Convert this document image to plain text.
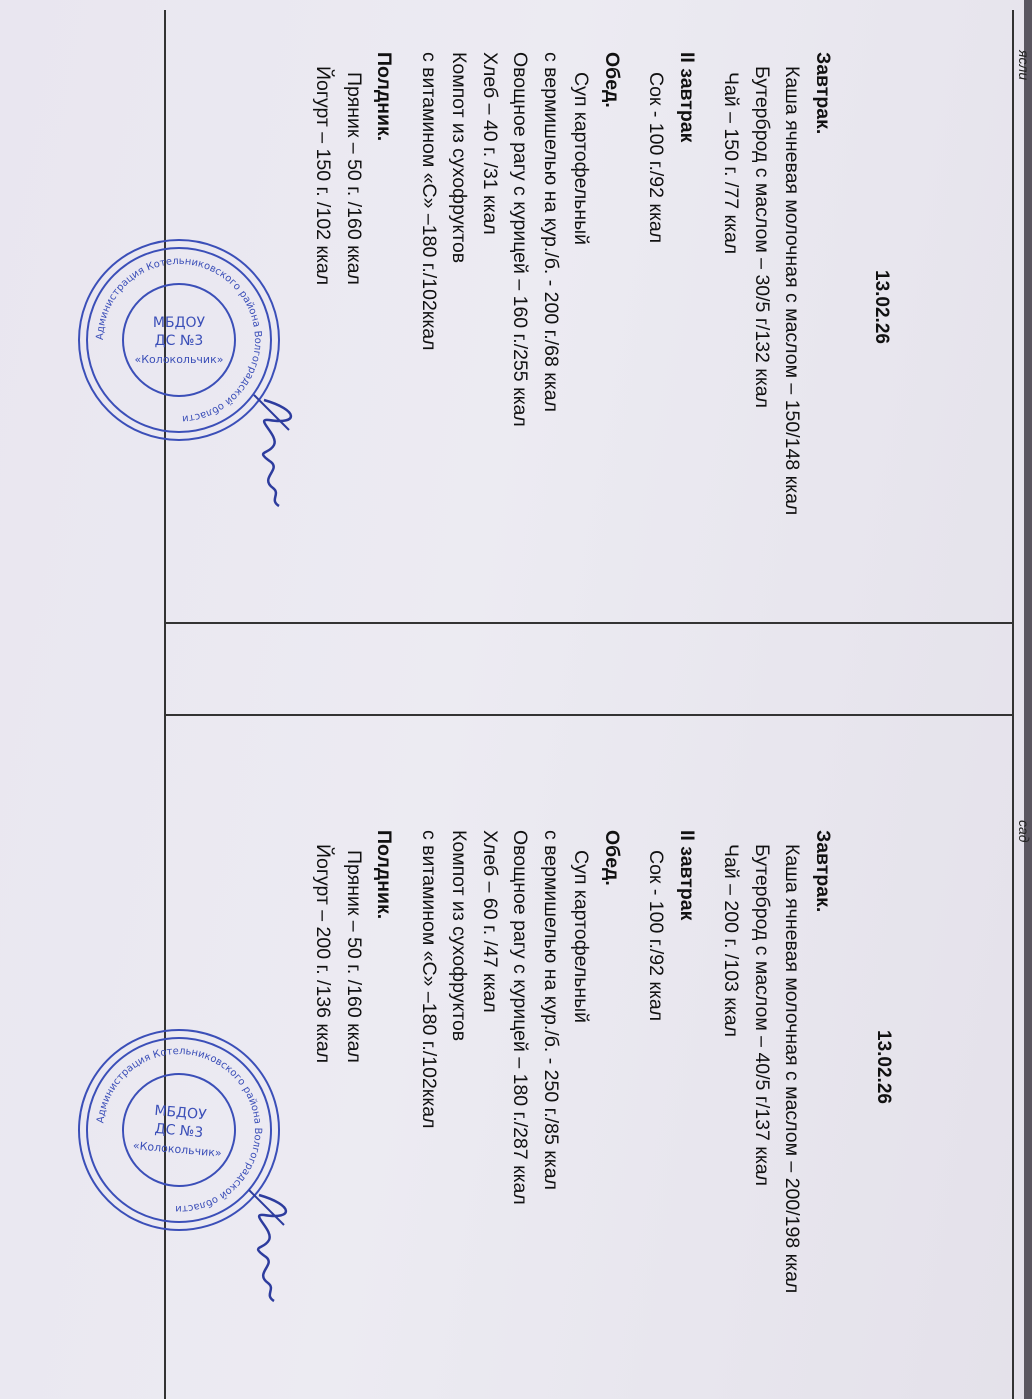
ясли
13.02.26
Завтрак.
Каша ячневая молочная с маслом – 150/148 ккал
Бутерброд с маслом – 30/5 г/132 ккал
Чай – 150 г. /77 ккал
II завтрак
Сок - 100 г./92 ккал
Обед.
Суп картофельный
с вермишелью на кур./б. - 200 г./68 ккал
Овощное рагу с курицей – 160 г./255 ккал
Хлеб – 40 г. /31 ккал
Компот из сухофруктов
с витамином «С» –180 г./102ккал
Полдник.
Пряник – 50 г. /160 ккал
Йогурт – 150 г. /102 ккал
Администрация Котельниковского района Волгоградской области
МБДОУ
ДС №3
«Колокольчик»
сад
13.02.26
Завтрак.
Каша ячневая молочная с маслом – 200/198 ккал
Бутерброд с маслом – 40/5 г/137 ккал
Чай – 200 г. /103 ккал
II завтрак
Сок - 100 г./92 ккал
Обед.
Суп картофельный
с вермишелью на кур./б. - 250 г./85 ккал
Овощное рагу с курицей – 180 г./287 ккал
Хлеб – 60 г. /47 ккал
Компот из сухофруктов
с витамином «С» –180 г./102ккал
Полдник.
Пряник – 50 г. /160 ккал
Йогурт – 200 г. /136 ккал
Администрация Котельниковского района Волгоградской области
МБДОУ
ДС №3
«Колокольчик»
